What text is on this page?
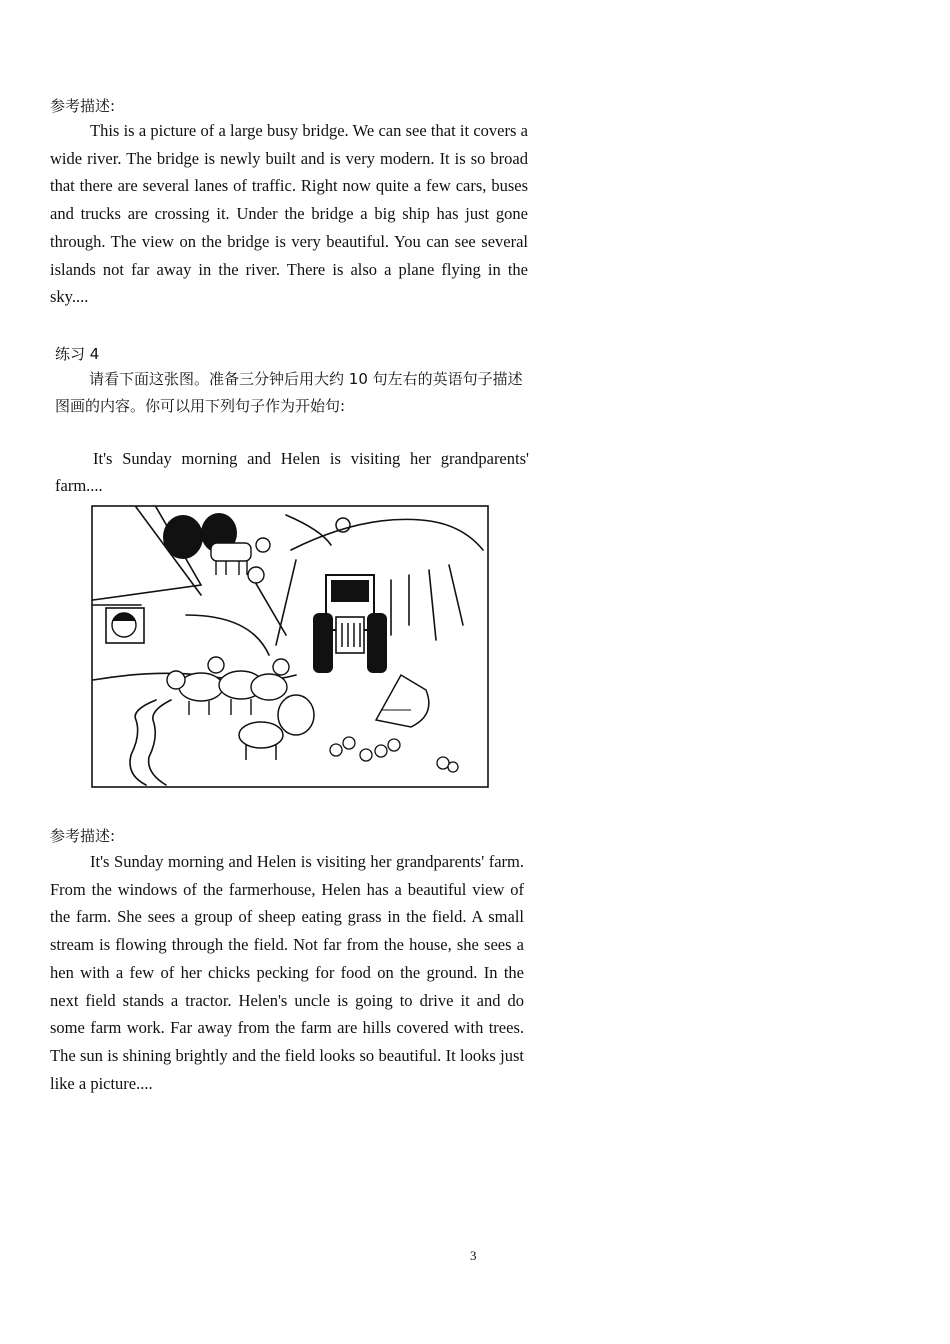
参考描述:

This is a picture of a large busy bridge. We can see that it covers a wide river. The bridge is newly built and is very modern. It is so broad that there are several lanes of traffic. Right now quite a few cars, buses and trucks are crossing it. Under the bridge a big ship has just gone through. The view on the bridge is very beautiful. You can see several islands not far away in the river. There is also a plane flying in the sky....

练习 4

请看下面这张图。准备三分钟后用大约 10 句左右的英语句子描述图画的内容。你可以用下列句子作为开始句:

It's Sunday morning and Helen is visiting her grandparents' farm....

参考描述:

It's Sunday morning and Helen is visiting her grandparents' farm. From the windows of the farmerhouse, Helen has a beautiful view of the farm. She sees a group of sheep eating grass in the field. A small stream is flowing through the field. Not far from the house, she sees a hen with a few of her chicks pecking for food on the ground. In the next field stands a tractor. Helen's uncle is going to drive it and do some farm work. Far away from the farm are hills covered with trees. The sun is shining brightly and the field looks so beautiful. It looks just like a picture....

3
